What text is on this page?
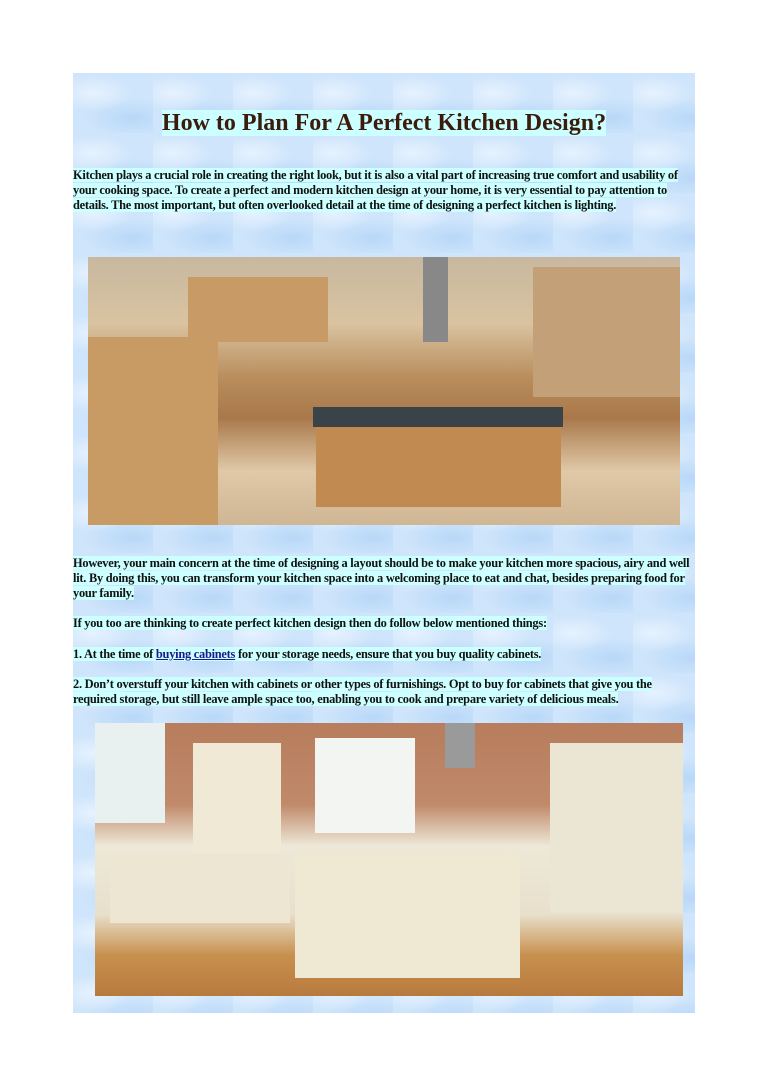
How to Plan For A Perfect Kitchen Design?
Kitchen plays a crucial role in creating the right look, but it is also a vital part of increasing true comfort and usability of your cooking space. To create a perfect and modern kitchen design at your home, it is very essential to pay attention to details. The most important, but often overlooked detail at the time of designing a perfect kitchen is lighting.
However, your main concern at the time of designing a layout should be to make your kitchen more spacious, airy and well lit. By doing this, you can transform your kitchen space into a welcoming place to eat and chat, besides preparing food for your family.
If you too are thinking to create perfect kitchen design then do follow below mentioned things:
1. At the time of buying cabinets for your storage needs, ensure that you buy quality cabinets.
2. Don’t overstuff your kitchen with cabinets or other types of furnishings. Opt to buy for cabinets that give you the required storage, but still leave ample space too, enabling you to cook and prepare variety of delicious meals.
